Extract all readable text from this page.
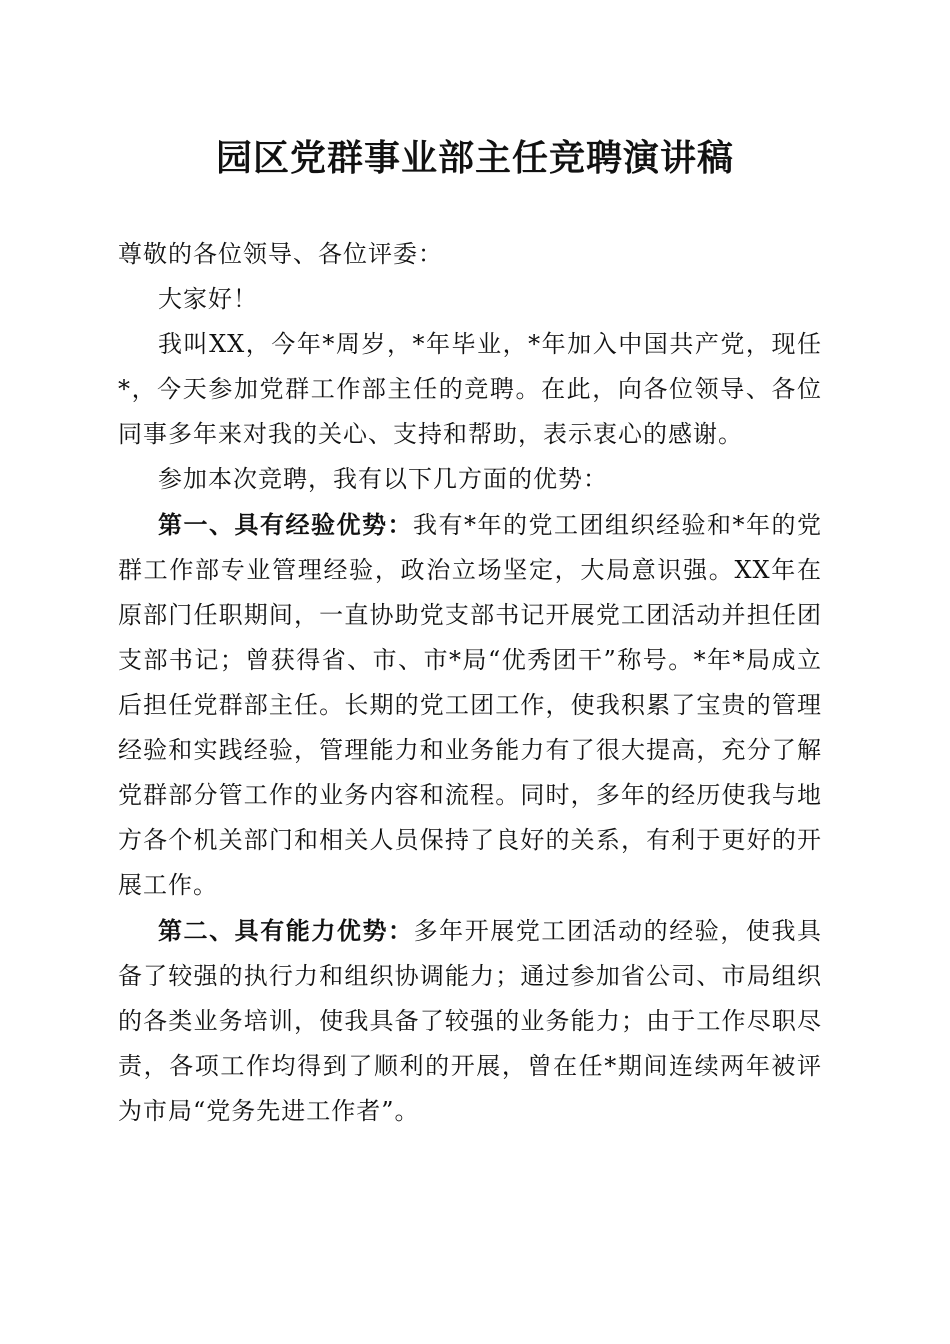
园区党群事业部主任竞聘演讲稿

尊敬的各位领导、各位评委：

大家好！

我叫XX，今年*周岁，*年毕业，*年加入中国共产党，现任*，今天参加党群工作部主任的竞聘。在此，向各位领导、各位同事多年来对我的关心、支持和帮助，表示衷心的感谢。

参加本次竞聘，我有以下几方面的优势：

第一、具有经验优势：我有*年的党工团组织经验和*年的党群工作部专业管理经验，政治立场坚定，大局意识强。XX年在原部门任职期间，一直协助党支部书记开展党工团活动并担任团支部书记；曾获得省、市、市*局“优秀团干”称号。*年*局成立后担任党群部主任。长期的党工团工作，使我积累了宝贵的管理经验和实践经验，管理能力和业务能力有了很大提高，充分了解党群部分管工作的业务内容和流程。同时，多年的经历使我与地方各个机关部门和相关人员保持了良好的关系，有利于更好的开展工作。

第二、具有能力优势：多年开展党工团活动的经验，使我具备了较强的执行力和组织协调能力；通过参加省公司、市局组织的各类业务培训，使我具备了较强的业务能力；由于工作尽职尽责，各项工作均得到了顺利的开展，曾在任*期间连续两年被评为市局“党务先进工作者”。
